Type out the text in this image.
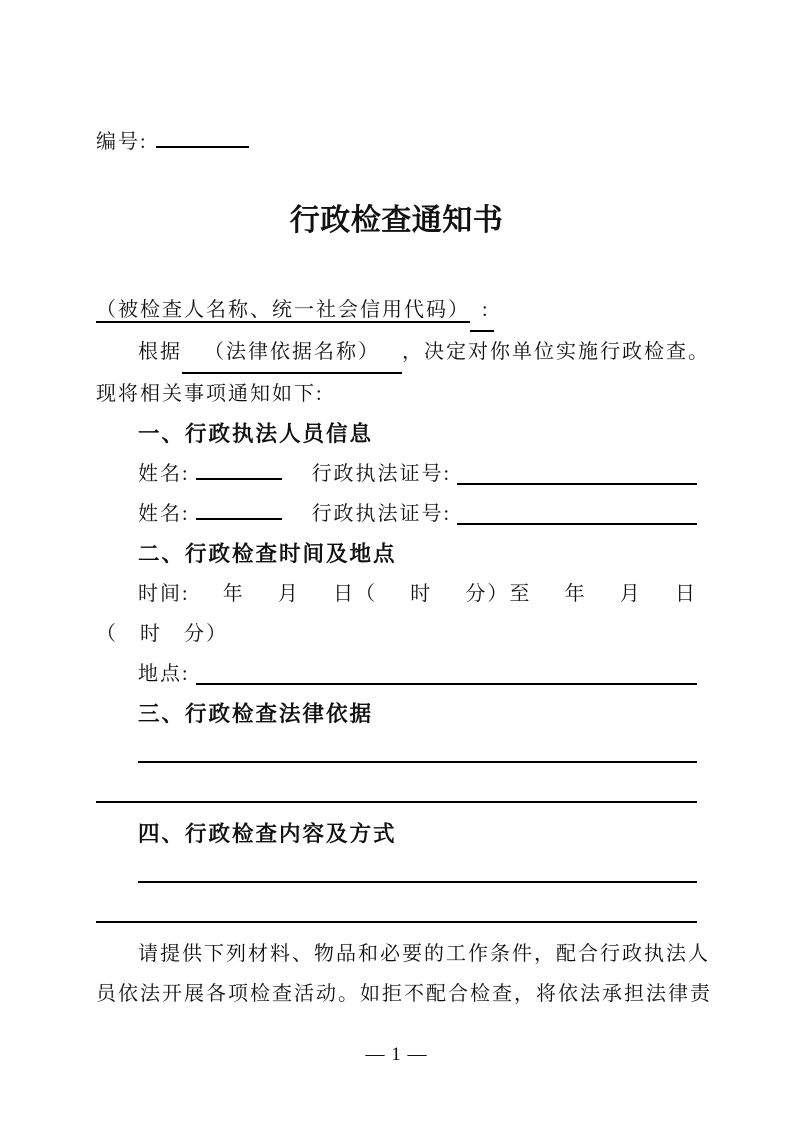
编号:
行政检查通知书
（被检查人名称、统一社会信用代码） :
根据 （法律依据名称） ，决定对你单位实施行政检查。
现将相关事项通知如下:
一、行政执法人员信息
姓名:	行政执法证号:
姓名:	行政执法证号:
二、行政检查时间及地点
时间: 年 月 日（ 时 分）至 年 月 日
（　时　分）
地点:
三、行政检查法律依据
四、行政检查内容及方式
请提供下列材料、物品和必要的工作条件，配合行政执法人
员依法开展各项检查活动。如拒不配合检查，将依法承担法律责
— 1 —
